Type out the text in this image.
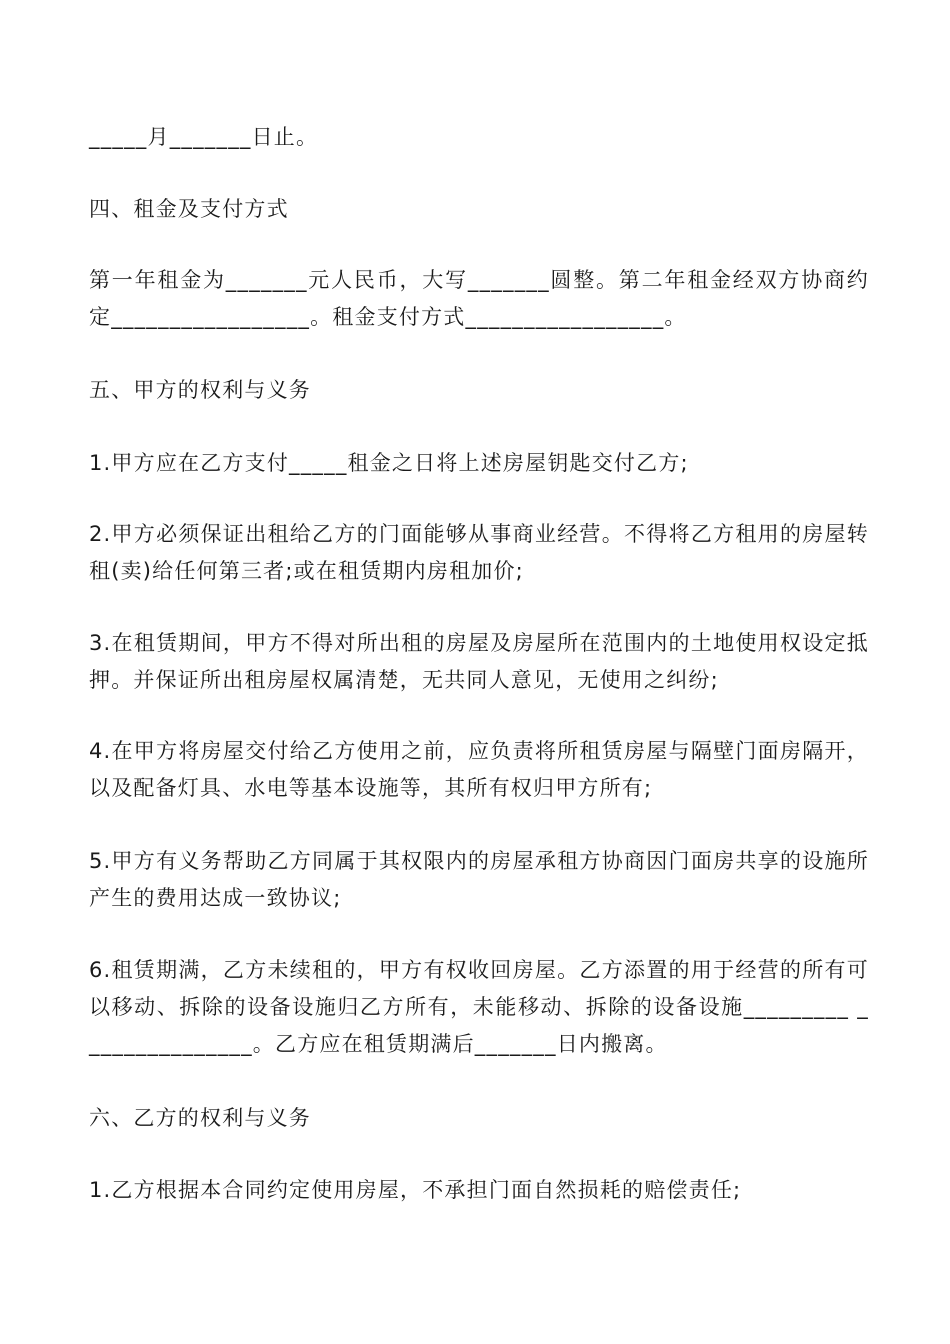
_____月_______日止。
四、租金及支付方式
第一年租金为_______元人民币，大写_______圆整。第二年租金经双方协商约定_________________。租金支付方式_________________。
五、甲方的权利与义务
1.甲方应在乙方支付_____租金之日将上述房屋钥匙交付乙方;
2.甲方必须保证出租给乙方的门面能够从事商业经营。不得将乙方租用的房屋转租(卖)给任何第三者;或在租赁期内房租加价;
3.在租赁期间，甲方不得对所出租的房屋及房屋所在范围内的土地使用权设定抵押。并保证所出租房屋权属清楚，无共同人意见，无使用之纠纷;
4.在甲方将房屋交付给乙方使用之前，应负责将所租赁房屋与隔壁门面房隔开，以及配备灯具、水电等基本设施等，其所有权归甲方所有;
5.甲方有义务帮助乙方同属于其权限内的房屋承租方协商因门面房共享的设施所产生的费用达成一致协议;
6.租赁期满，乙方未续租的，甲方有权收回房屋。乙方添置的用于经营的所有可以移动、拆除的设备设施归乙方所有，未能移动、拆除的设备设施_________ _______________。乙方应在租赁期满后_______日内搬离。
六、乙方的权利与义务
1.乙方根据本合同约定使用房屋，不承担门面自然损耗的赔偿责任;
